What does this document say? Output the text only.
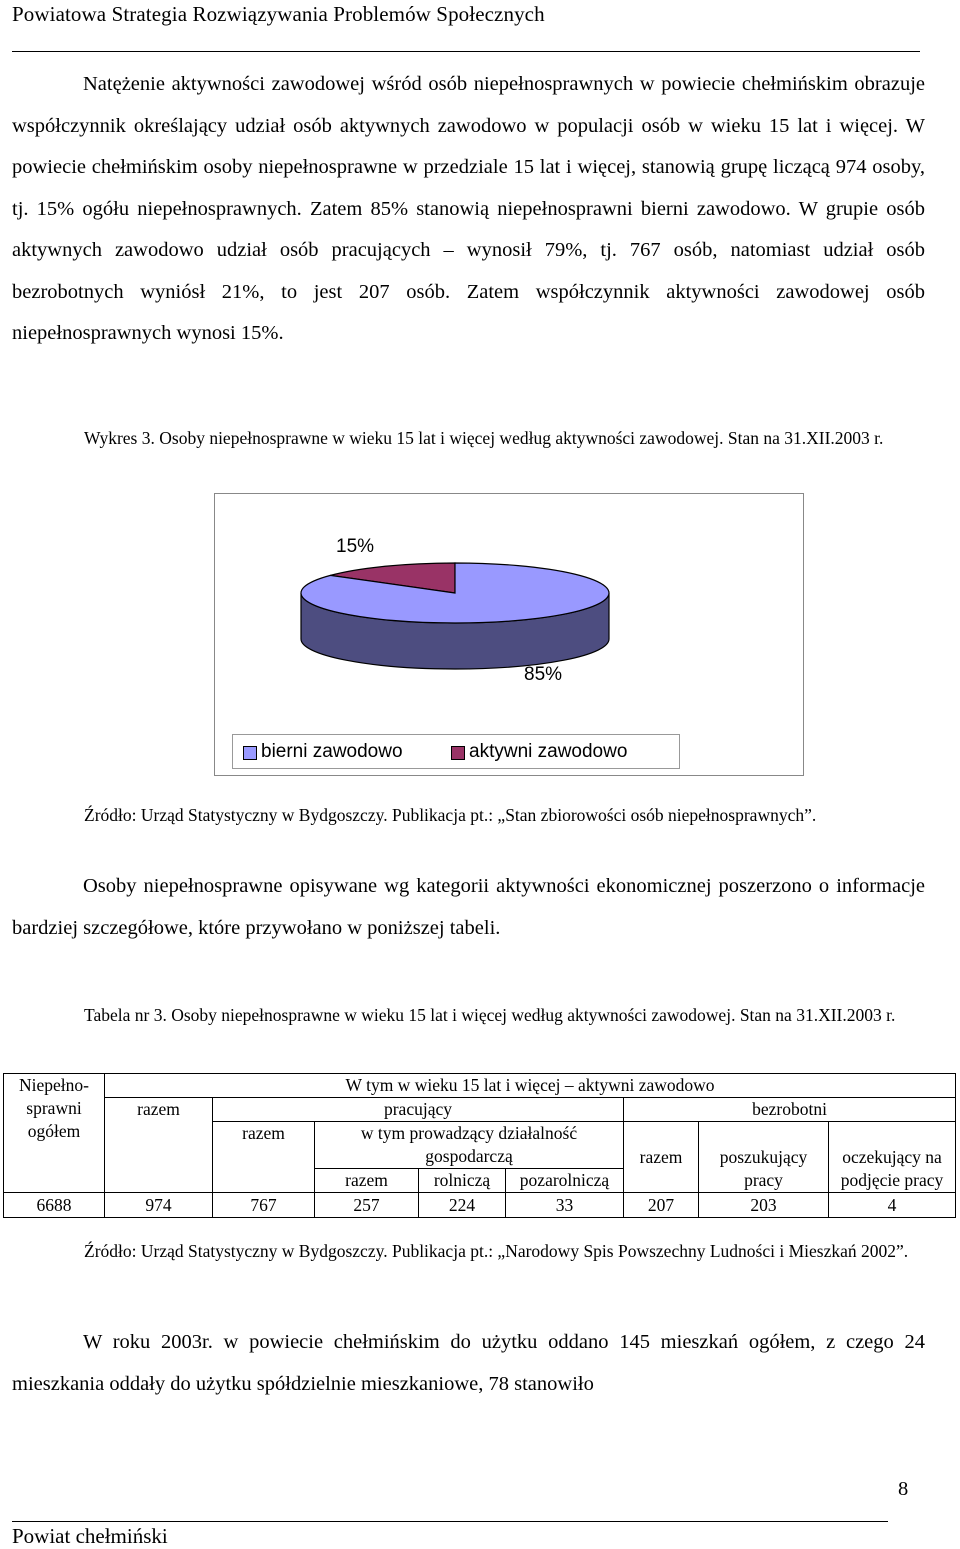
Powiatowa Strategia Rozwiązywania Problemów Społecznych
Natężenie aktywności zawodowej wśród osób niepełnosprawnych w powiecie chełmińskim obrazuje współczynnik określający udział osób aktywnych zawodowo w populacji osób w wieku 15 lat i więcej. W powiecie chełmińskim osoby niepełnosprawne w przedziale 15 lat i więcej, stanowią grupę liczącą 974 osoby, tj. 15% ogółu niepełnosprawnych. Zatem 85% stanowią niepełnosprawni bierni zawodowo. W grupie osób aktywnych zawodowo udział osób pracujących – wynosił 79%, tj. 767 osób, natomiast udział osób bezrobotnych wyniósł 21%, to jest 207 osób. Zatem współczynnik aktywności zawodowej osób niepełnosprawnych wynosi 15%.
Wykres 3. Osoby niepełnosprawne w wieku 15 lat i więcej według aktywności zawodowej. Stan na 31.XII.2003 r.
15%
85%
bierni zawodowo	aktywni zawodowo
Źródło: Urząd Statystyczny w Bydgoszczy. Publikacja pt.: „Stan zbiorowości osób niepełnosprawnych”.
Osoby niepełnosprawne opisywane wg kategorii aktywności ekonomicznej poszerzono o informacje bardziej szczegółowe, które przywołano w poniższej tabeli.
Tabela nr 3. Osoby niepełnosprawne w wieku 15 lat i więcej według aktywności zawodowej. Stan na 31.XII.2003 r.
Niepełno-sprawni ogółem	W tym w wieku 15 lat i więcej – aktywni zawodowo							
	razem	pracujący				bezrobotni		
		razem	w tym prowadzący działalność gospodarczą			razem	poszukujący pracy	oczekujący na podjęcie pracy

			razem	rolniczą	pozarolniczą			
6688	974	767	257	224	33	207	203	4
Źródło: Urząd Statystyczny w Bydgoszczy. Publikacja pt.: „Narodowy Spis Powszechny Ludności i Mieszkań 2002”.
W roku 2003r. w powiecie chełmińskim do użytku oddano 145 mieszkań ogółem, z czego 24 mieszkania oddały do użytku spółdzielnie mieszkaniowe, 78 stanowiło
8
Powiat chełmiński
